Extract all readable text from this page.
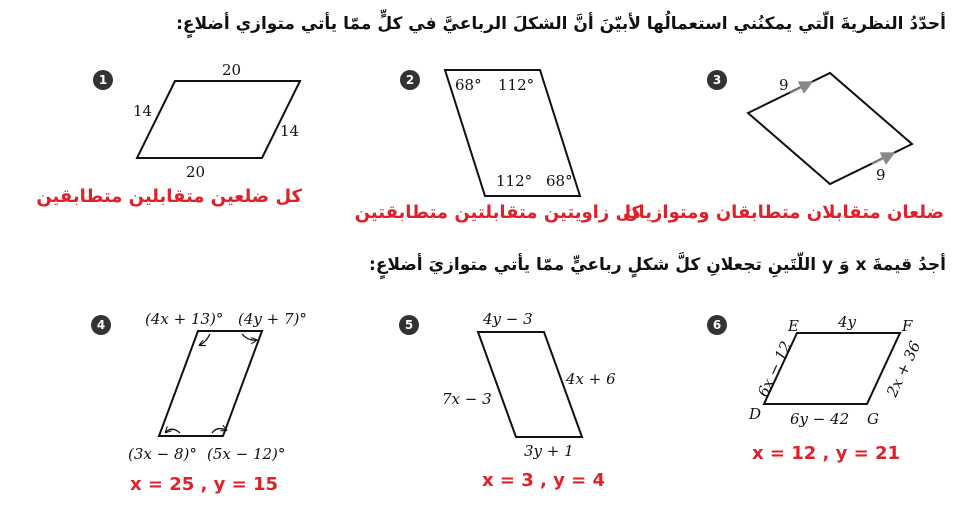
أحدّدُ النظريةَ الّتي يمكنُني استعمالُها لأبيّنَ أنَّ الشكلَ الرباعيَّ في كلٍّ ممّا يأتي متوازي أضلاعٍ:
أجدُ قيمةَ x وَ y اللّتَينِ تجعلانِ كلَّ شكلٍ رباعيٍّ ممّا يأتي متوازيَ أضلاعٍ:
1	2	3
4	5	6
20
20
14
14
68° 112°
112° 68°
9
9
(4x + 13)° (4y + 7)°
(3x − 8)° (5x − 12)°
4y − 3
4x + 6
7x − 3
3y + 1
E	F
D	G
4y
6y − 42
6x − 12	2x + 36
كل ضلعين متقابلين متطابقين
كل زاويتين متقابلتين متطابقتين
ضلعان متقابلان متطابقان ومتوازيان
x = 25 , y = 15	x = 3 , y = 4
x = 12 , y = 21
